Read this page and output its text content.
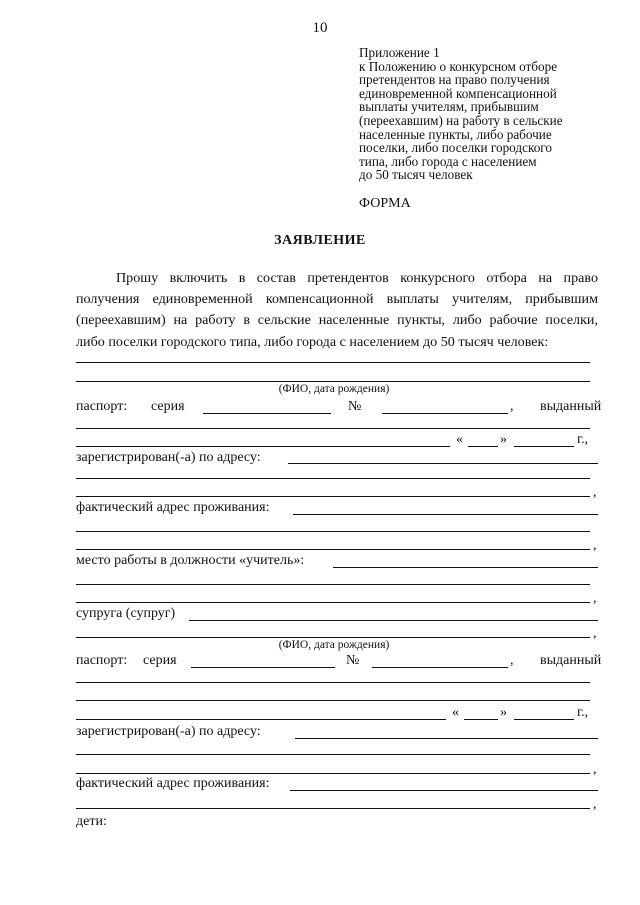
10
Приложение 1
к Положению о конкурсном отборе
претендентов на право получения
единовременной компенсационной
выплаты учителям, прибывшим
(переехавшим) на работу в сельские
населенные пункты, либо рабочие
поселки, либо поселки городского
типа, либо города с населением
до 50 тысяч человек
ФОРМА
ЗАЯВЛЕНИЕ
Прошу включить в состав претендентов конкурсного отбора на право
получения единовременной компенсационной выплаты учителям, прибывшим
(переехавшим) на работу в сельские населенные пункты, либо рабочие поселки,
либо поселки городского типа, либо города с населением до 50 тысяч человек:
(ФИО, дата рождения)
паспорт: серия	№	, выданный
«	»	г.,
зарегистрирован(-а) по адресу:
,
фактический адрес проживания:
,
место работы в должности «учитель»:
,
супруга (супруг)
,
(ФИО, дата рождения)
паспорт: серия	№	, выданный
«	»	г.,
зарегистрирован(-а) по адресу:
,
фактический адрес проживания:
,
дети:
